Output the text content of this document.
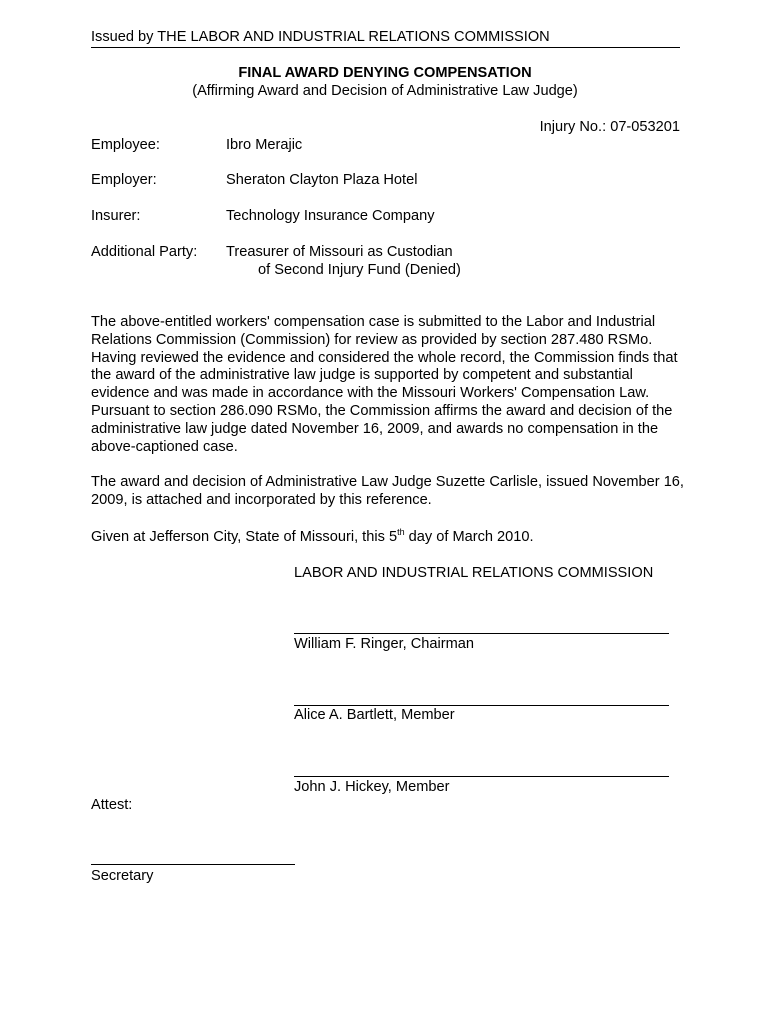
Issued by THE LABOR AND INDUSTRIAL RELATIONS COMMISSION
FINAL AWARD DENYING COMPENSATION
(Affirming Award and Decision of Administrative Law Judge)
Injury No.: 07-053201
Employee:	Ibro Merajic
Employer:	Sheraton Clayton Plaza Hotel
Insurer:	Technology Insurance Company
Additional Party: Treasurer of Missouri as Custodian
of Second Injury Fund (Denied)
The above-entitled workers' compensation case is submitted to the Labor and Industrial Relations Commission (Commission) for review as provided by section 287.480 RSMo. Having reviewed the evidence and considered the whole record, the Commission finds that the award of the administrative law judge is supported by competent and substantial evidence and was made in accordance with the Missouri Workers' Compensation Law. Pursuant to section 286.090 RSMo, the Commission affirms the award and decision of the administrative law judge dated November 16, 2009, and awards no compensation in the above-captioned case.
The award and decision of Administrative Law Judge Suzette Carlisle, issued November 16, 2009, is attached and incorporated by this reference.
Given at Jefferson City, State of Missouri, this 5th day of March 2010.
LABOR AND INDUSTRIAL RELATIONS COMMISSION
William F. Ringer, Chairman
Alice A. Bartlett, Member
John J. Hickey, Member
Attest:
Secretary
